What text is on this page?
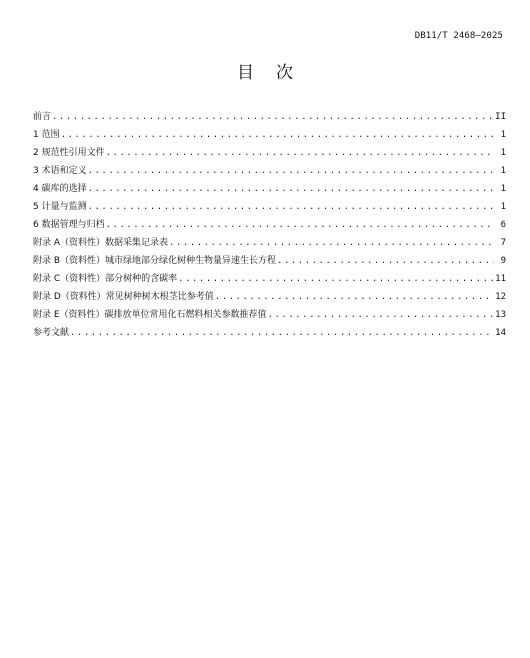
DB11/T 2468—2025
目次
前言 .....	II
1 范围 .....	1
2 规范性引用文件 .....	1
3 术语和定义 .....	1
4 碳库的选择 .....	1
5 计量与监测 .....	1
6 数据管理与归档 .....	6
附录 A（资料性）数据采集记录表 .....	7
附录 B（资料性）城市绿地部分绿化树种生物量异速生长方程 .....	9
附录 C（资料性）部分树种的含碳率 .....	11
附录 D（资料性）常见树种树木根茎比参考值 .....	12
附录 E（资料性）碳排放单位常用化石燃料相关参数推荐值 .....	13
参考文献 .....	14
